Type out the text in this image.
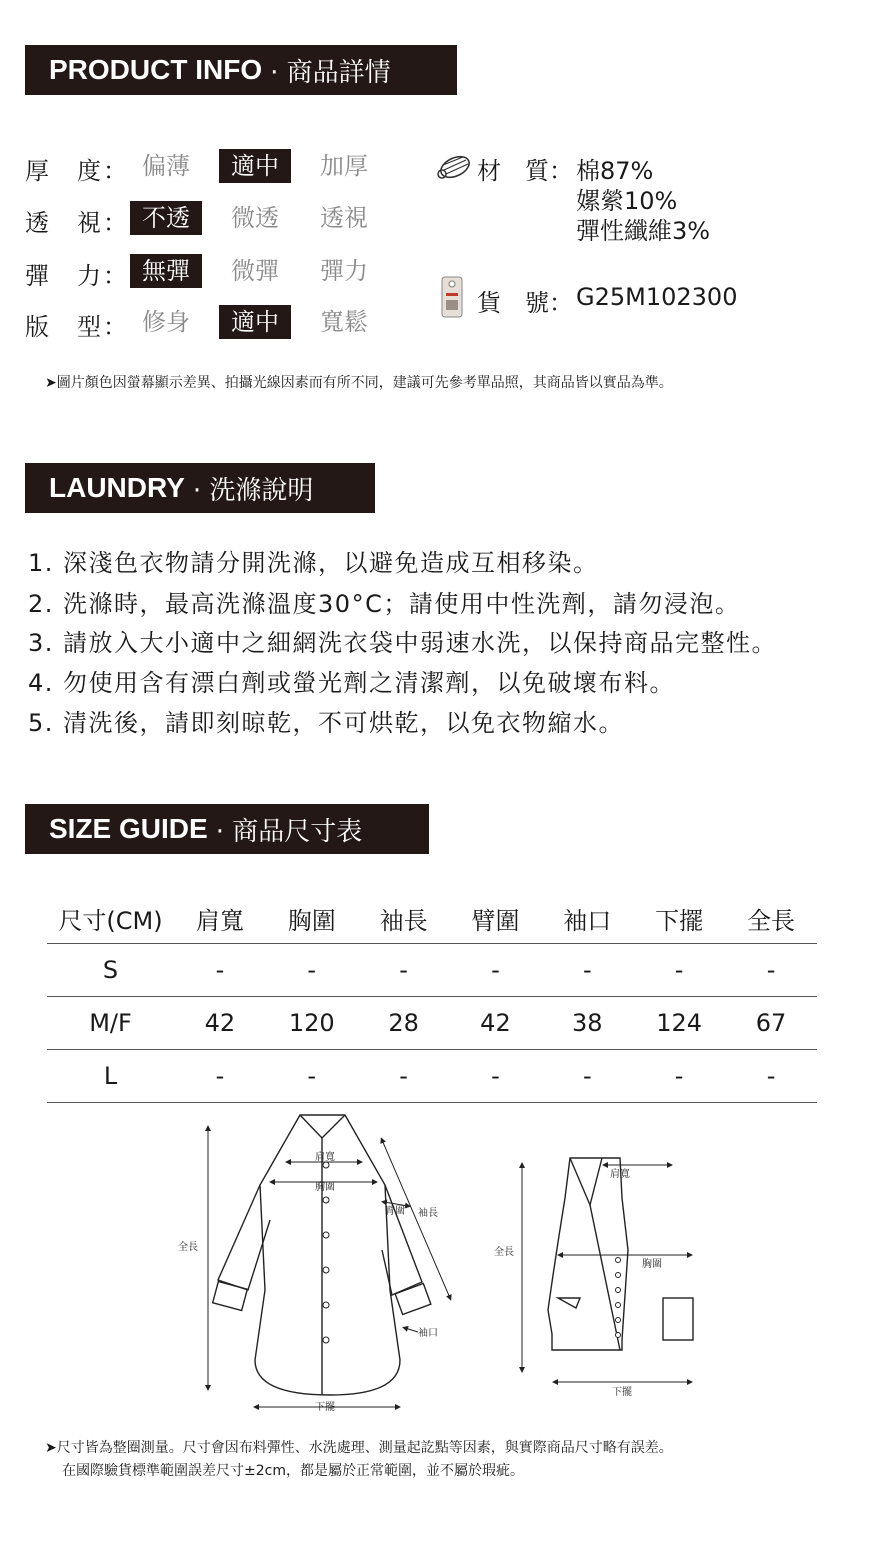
PRODUCT INFO · 商品詳情
厚　度： 偏薄	適中	加厚
透　視： 不透	微透	透視
彈　力： 無彈	微彈	彈力
版　型： 修身	適中	寬鬆
材　質： 棉87%
嫘縈10%
彈性纖維3%
貨　號： G25M102300
➤圖片顏色因螢幕顯示差異、拍攝光線因素而有所不同，建議可先參考單品照，其商品皆以實品為準。
LAUNDRY · 洗滌說明
1. 深淺色衣物請分開洗滌，以避免造成互相移染。
2. 洗滌時，最高洗滌溫度30°C；請使用中性洗劑，請勿浸泡。
3. 請放入大小適中之細網洗衣袋中弱速水洗，以保持商品完整性。
4. 勿使用含有漂白劑或螢光劑之清潔劑，以免破壞布料。
5. 清洗後，請即刻晾乾，不可烘乾，以免衣物縮水。
SIZE GUIDE · 商品尺寸表
尺寸(CM)	肩寬	胸圍	袖長	臂圍	袖口	下擺	全長
S	-	-	-	-	-	-	-
M/F	42	120	28	42	38	124	67
L	-	-	-	-	-	-	-
肩寬
胸圍
臂圍 袖長
全長
袖口
下擺
肩寬
胸圍
全長
下擺
➤尺寸皆為整圈測量。尺寸會因布料彈性、水洗處理、測量起訖點等因素，與實際商品尺寸略有誤差。
在國際驗貨標準範圍誤差尺寸±2cm，都是屬於正常範圍，並不屬於瑕疵。
